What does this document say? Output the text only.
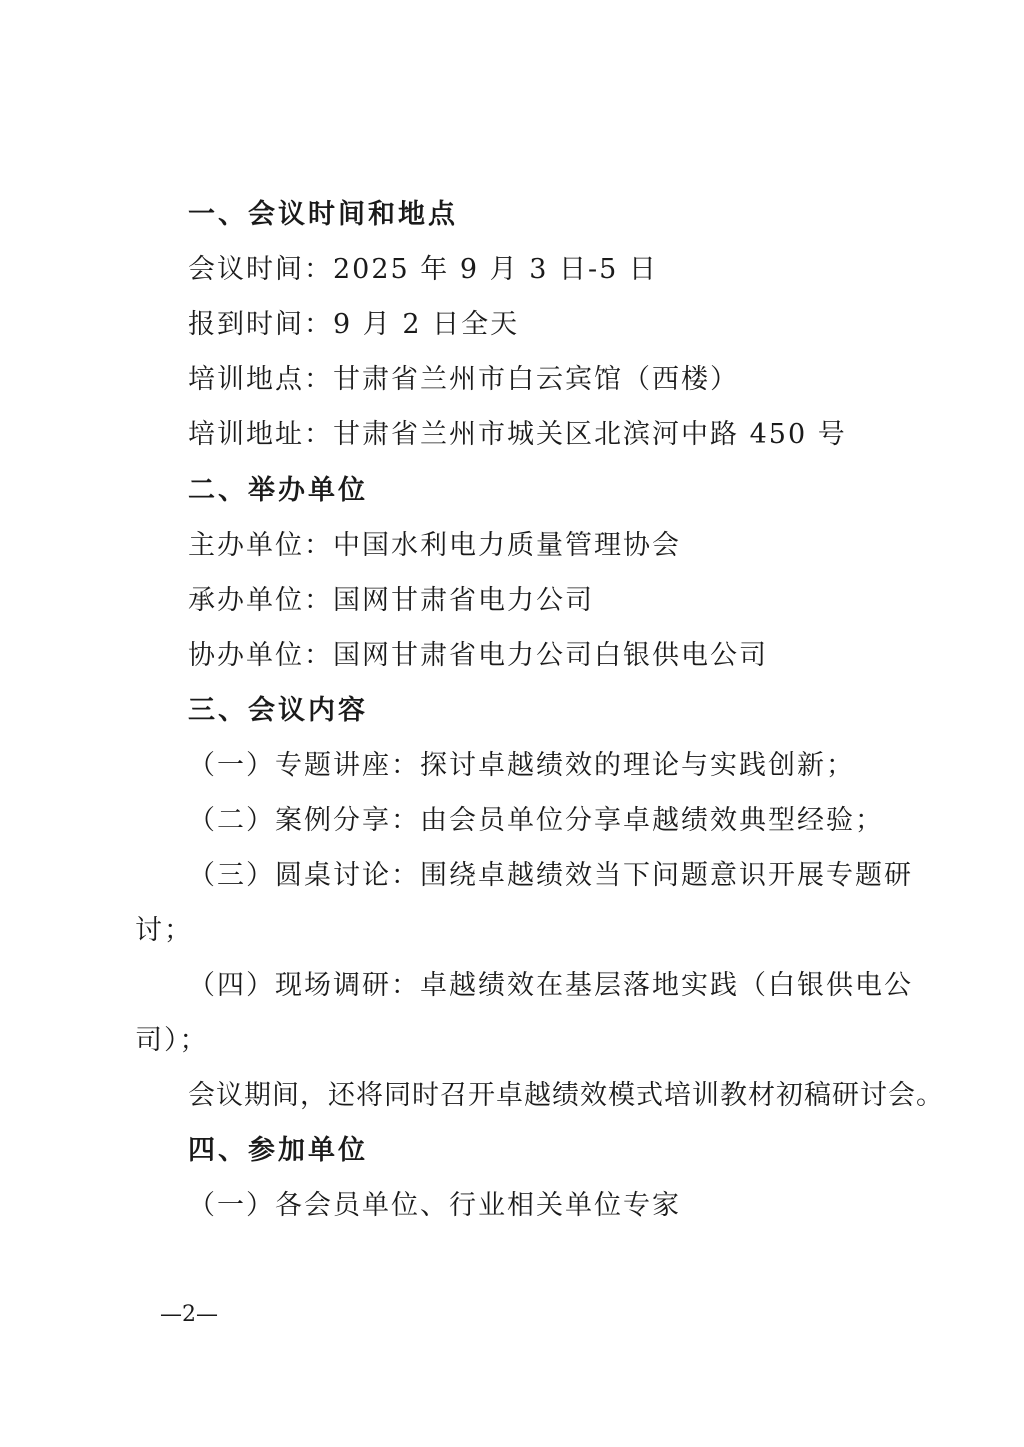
一、会议时间和地点
会议时间：2025 年 9 月 3 日-5 日
报到时间：9 月 2 日全天
培训地点：甘肃省兰州市白云宾馆（西楼）
培训地址：甘肃省兰州市城关区北滨河中路 450 号
二、举办单位
主办单位：中国水利电力质量管理协会
承办单位：国网甘肃省电力公司
协办单位：国网甘肃省电力公司白银供电公司
三、会议内容
（一）专题讲座：探讨卓越绩效的理论与实践创新；
（二）案例分享：由会员单位分享卓越绩效典型经验；
（三）圆桌讨论：围绕卓越绩效当下问题意识开展专题研
讨；
（四）现场调研：卓越绩效在基层落地实践（白银供电公
司）；
会议期间，还将同时召开卓越绩效模式培训教材初稿研讨会。
四、参加单位
（一）各会员单位、行业相关单位专家
—2—
